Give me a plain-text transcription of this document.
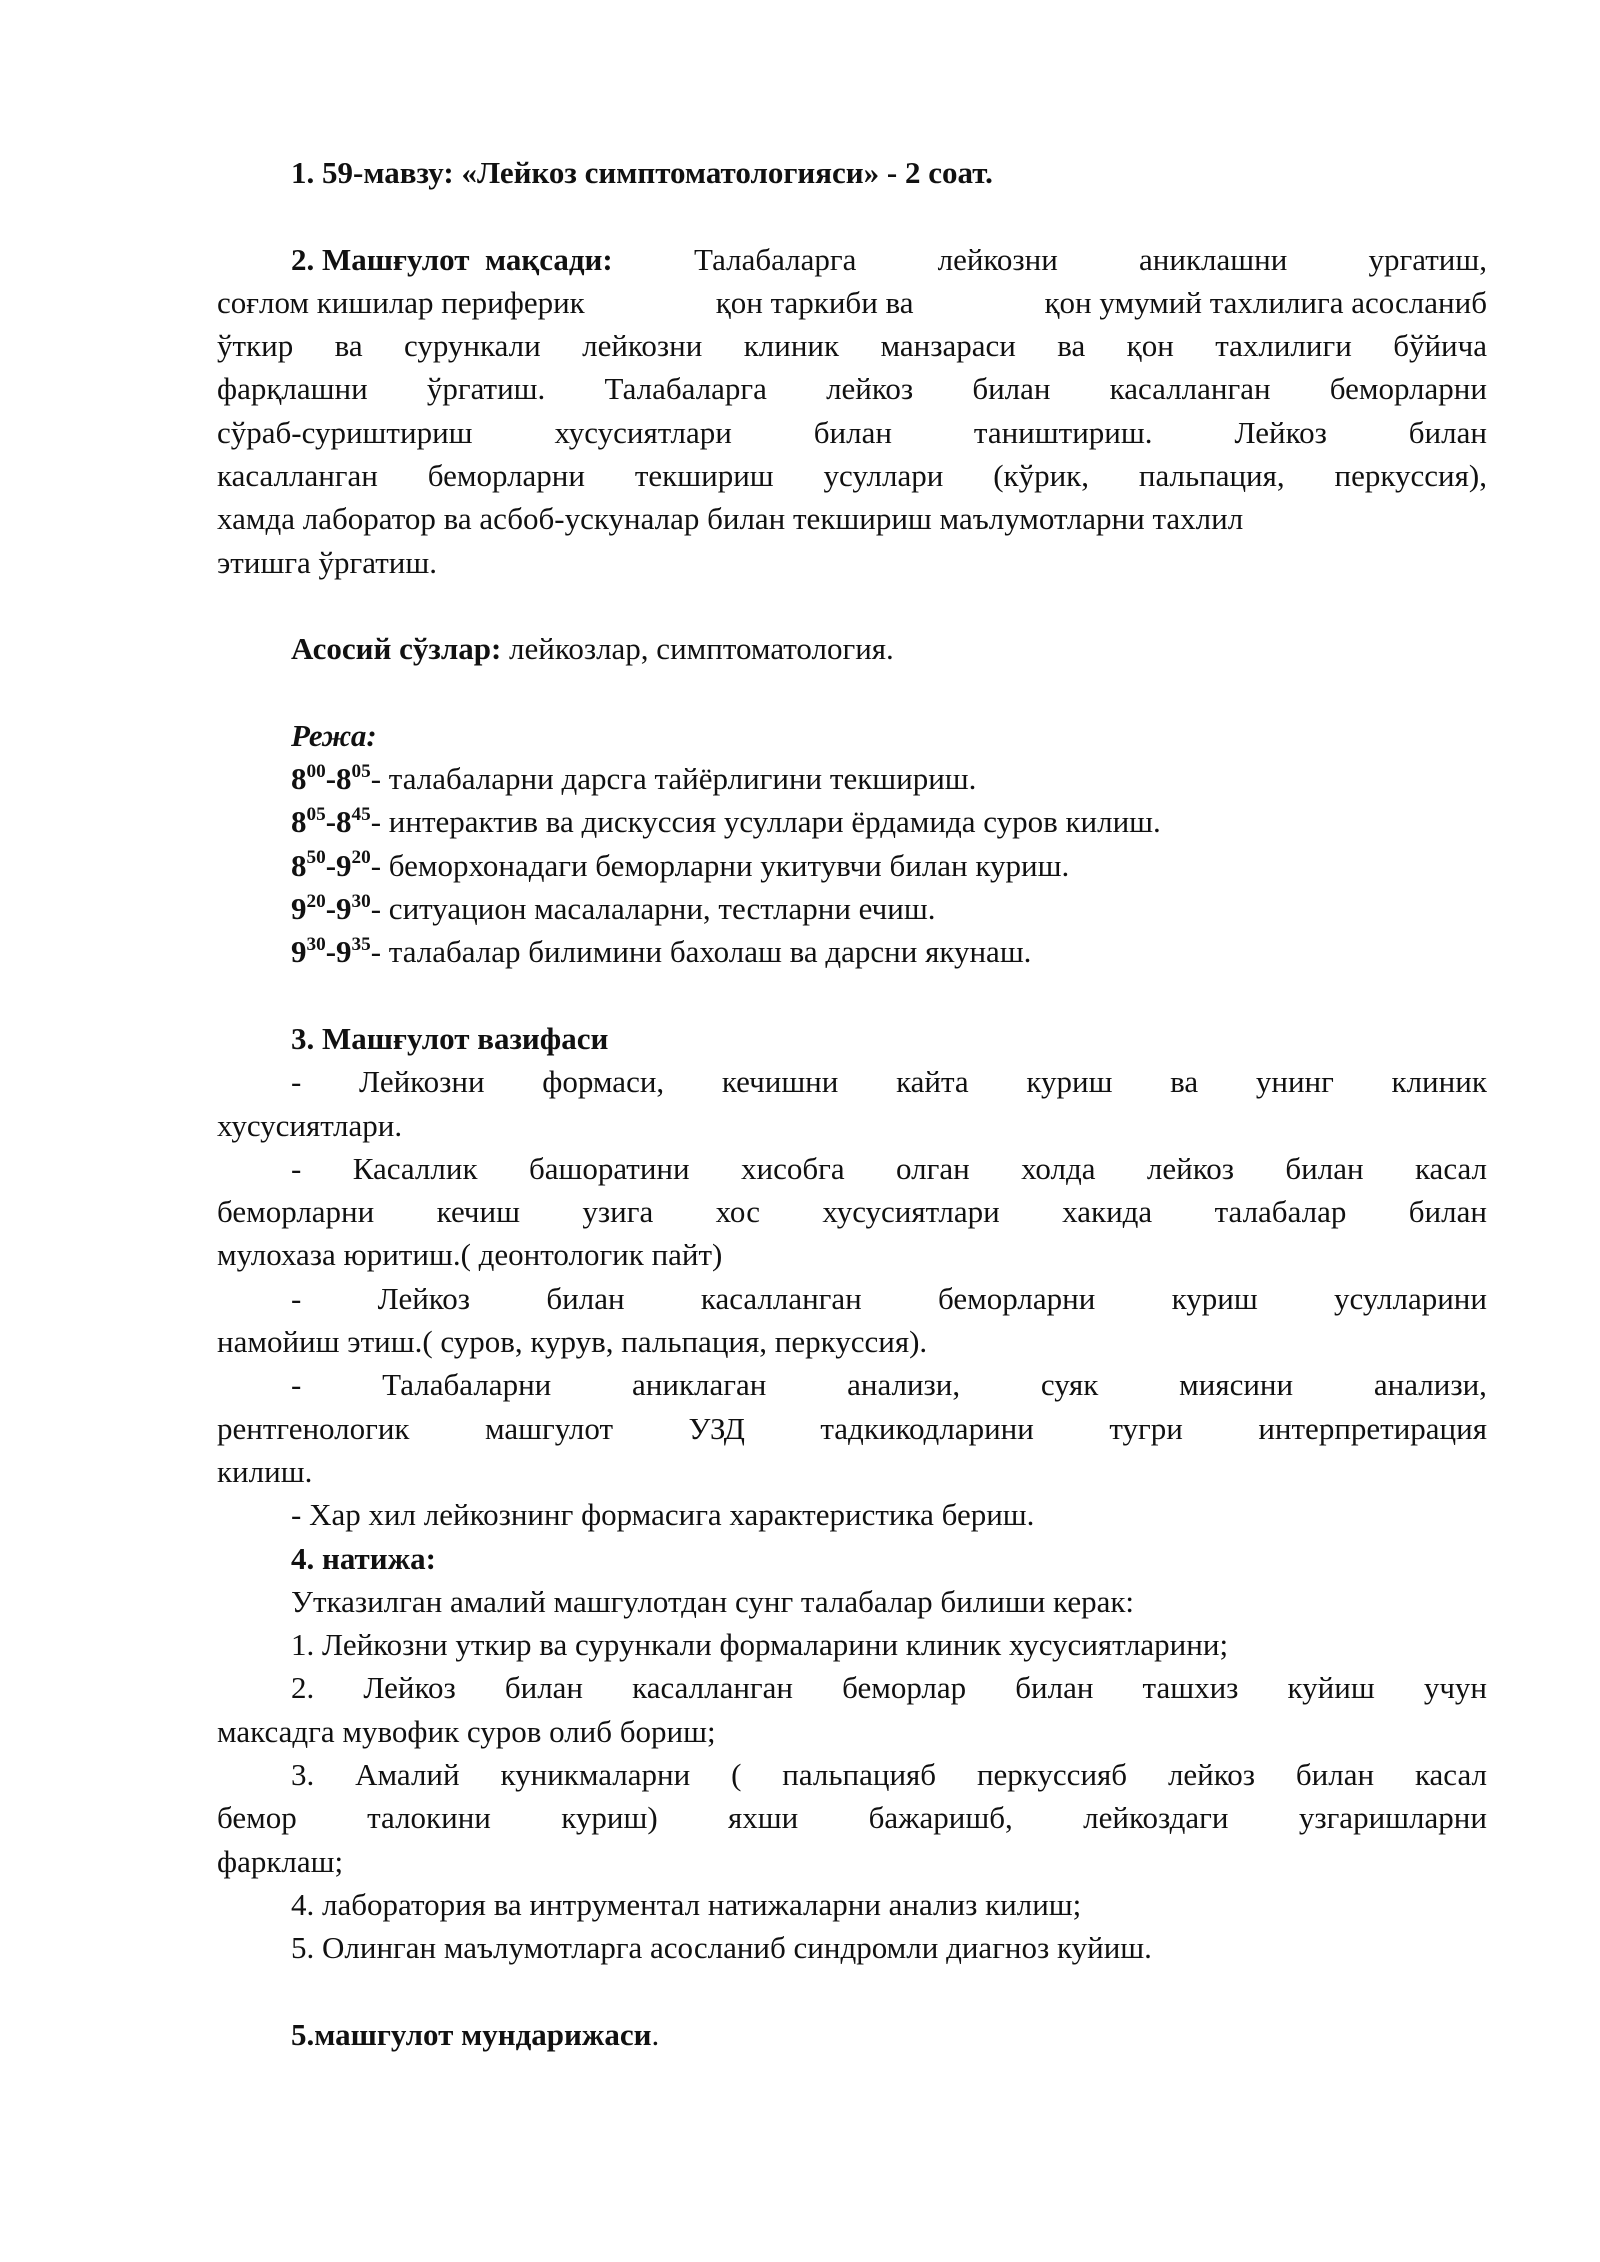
1. 59-мавзу: «Лейкоз симптоматологияси» - 2 соат.
2. Машғулот  мақсади:	Талабаларга	лейкозни	аниклашни	ургатиш,
соғлом кишилар периферик	қон таркиби ва	қон умумий тахлилига асосланиб
ўткир ва сурункали лейкозни клиник манзараси ва қон тахлилиги бўйича
фарқлашни ўргатиш. Талабаларга лейкоз билан касалланган беморларни
сўраб-суриштириш	хусусиятлари	билан	таништириш.	Лейкоз	билан
касалланган беморларни текшириш усуллари (кўрик, пальпация, перкуссия),
хамда лаборатор ва асбоб-ускуналар билан текшириш маълумотларни тахлил
этишга ўргатиш.
Асосий сўзлар: лейкозлар, симптоматология.
Режа:
$8^{00}-8^{05}-$ талабаларни дарсга тайёрлигини текшириш.
$8^{05}-8^{45}-$ интерактив ва дискуссия усуллари ёрдамида суров килиш.
$8^{50}-9^{20}-$ беморхонадаги беморларни укитувчи билан куриш.
$9^{20}-9^{30}-$ ситуацион масалаларни, тестларни ечиш.
$9^{30}-9^{35}-$ талабалар билимини бахолаш ва дарсни якунаш.
3. Машғулот вазифаси
- Лейкозни формаси, кечишни кайта куриш ва унинг клиник
хусусиятлари.
- Касаллик башоратини хисобга олган холда лейкоз билан касал
беморларни кечиш узига хос хусусиятлари хакида талабалар билан
мулохаза юритиш.( деонтологик пайт)
- Лейкоз билан касалланган беморларни куриш усулларини
намойиш этиш.( суров, курув, пальпация, перкуссия).
-	Талабаларни	аниклаган	анализи,	суяк	миясини	анализи,
рентгенологик машгулот УЗД тадкикодларини тугри интерпретирация
килиш.
- Хар хил лейкознинг формасига характеристика бериш.
4. натижа:
Утказилган амалий машгулотдан сунг талабалар билиши керак:
1. Лейкозни уткир ва сурункали формаларини клиник хусусиятларини;
2. Лейкоз билан касалланган беморлар билан ташхиз куйиш учун
максадга мувофик суров олиб бориш;
3. Амалий куникмаларни ( пальпацияб перкуссияб лейкоз билан касал
бемор талокини куриш) яхши бажаришб, лейкоздаги узгаришларни
фарклаш;
4. лаборатория ва интрументал натижаларни анализ килиш;
5. Олинган маълумотларга асосланиб синдромли диагноз куйиш.
5.машгулот мундарижаси.
